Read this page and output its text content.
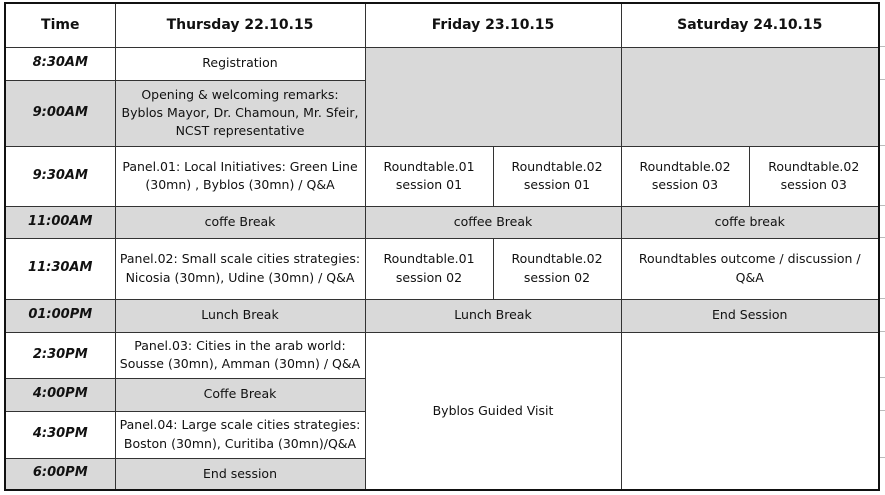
Time	Thursday 22.10.15	Friday 23.10.15		Saturday 24.10.15	
8:30AM	Registration				
9:00AM	Opening & welcoming remarks: Byblos Mayor, Dr. Chamoun, Mr. Sfeir, NCST representative				
9:30AM	Panel.01: Local Initiatives: Green Line (30mn) , Byblos (30mn) / Q&A	Roundtable.01 session 01	Roundtable.02 session 01	Roundtable.02 session 03	Roundtable.02 session 03
11:00AM	coffe Break	coffee Break		coffe break	
11:30AM	Panel.02: Small scale cities strategies: Nicosia (30mn), Udine (30mn) / Q&A	Roundtable.01 session 02	Roundtable.02 session 02	Roundtables outcome / discussion / Q&A	
01:00PM	Lunch Break	Lunch Break		End Session	
2:30PM	Panel.03: Cities in the arab world: Sousse (30mn), Amman (30mn) / Q&A	Byblos Guided Visit			
4:00PM	Coffe Break				
4:30PM	Panel.04: Large scale cities strategies: Boston (30mn), Curitiba (30mn)/Q&A				
6:00PM	End session				
